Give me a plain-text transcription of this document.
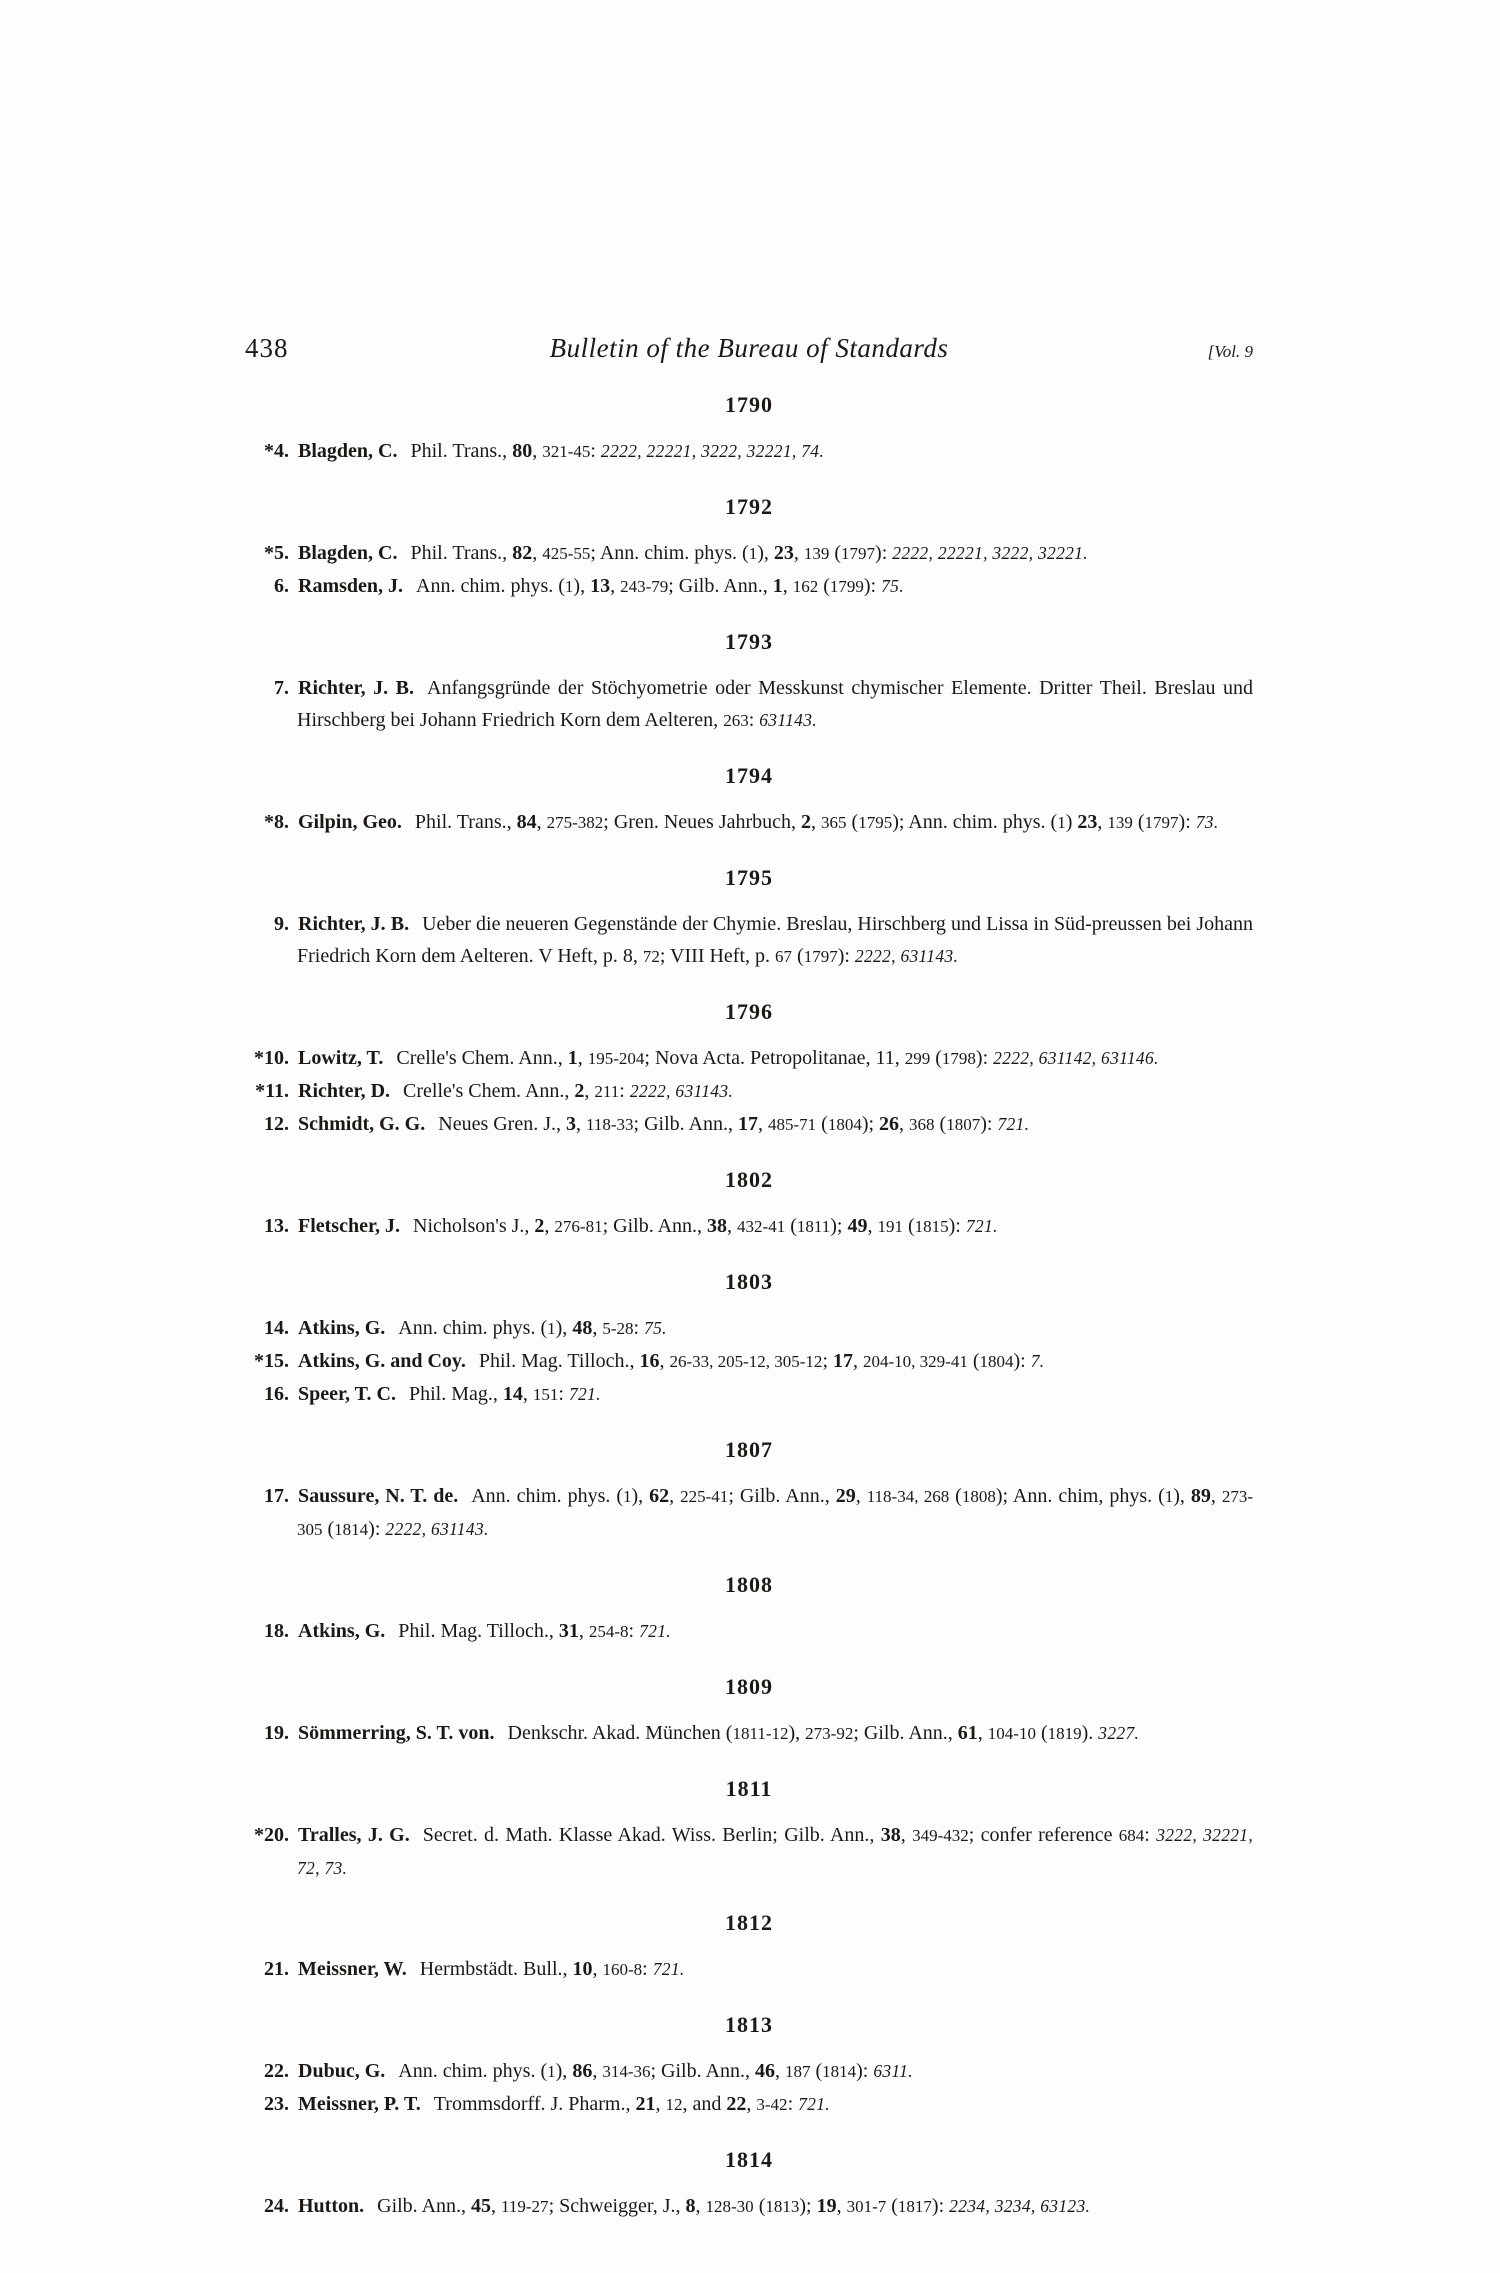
438	Bulletin of the Bureau of Standards	[Vol. 9
1790

*4. Blagden, C. Phil. Trans., 80, 321-45: 2222, 22221, 3222, 32221, 74.

1792

*5. Blagden, C. Phil. Trans., 82, 425-55; Ann. chim. phys. (1), 23, 139 (1797): 2222, 22221, 3222, 32221.

6. Ramsden, J. Ann. chim. phys. (1), 13, 243-79; Gilb. Ann., 1, 162 (1799): 75.

1793

7. Richter, J. B. Anfangsgründe der Stöchyometrie oder Messkunst chymischer Elemente. Dritter Theil. Breslau und Hirschberg bei Johann Friedrich Korn dem Aelteren, 263: 631143.

1794

*8. Gilpin, Geo. Phil. Trans., 84, 275-382; Gren. Neues Jahrbuch, 2, 365 (1795); Ann. chim. phys. (1) 23, 139 (1797): 73.

1795

9. Richter, J. B. Ueber die neueren Gegenstände der Chymie. Breslau, Hirschberg und Lissa in Süd-preussen bei Johann Friedrich Korn dem Aelteren. V Heft, p. 8, 72; VIII Heft, p. 67 (1797): 2222, 631143.

1796

*10. Lowitz, T. Crelle's Chem. Ann., 1, 195-204; Nova Acta. Petropolitanae, 11, 299 (1798): 2222, 631142, 631146.

*11. Richter, D. Crelle's Chem. Ann., 2, 211: 2222, 631143.

12. Schmidt, G. G. Neues Gren. J., 3, 118-33; Gilb. Ann., 17, 485-71 (1804); 26, 368 (1807): 721.

1802

13. Fletscher, J. Nicholson's J., 2, 276-81; Gilb. Ann., 38, 432-41 (1811); 49, 191 (1815): 721.

1803

14. Atkins, G. Ann. chim. phys. (1), 48, 5-28: 75.

*15. Atkins, G. and Coy. Phil. Mag. Tilloch., 16, 26-33, 205-12, 305-12; 17, 204-10, 329-41 (1804): 7.

16. Speer, T. C. Phil. Mag., 14, 151: 721.

1807

17. Saussure, N. T. de. Ann. chim. phys. (1), 62, 225-41; Gilb. Ann., 29, 118-34, 268 (1808); Ann. chim, phys. (1), 89, 273-305 (1814): 2222, 631143.

1808

18. Atkins, G. Phil. Mag. Tilloch., 31, 254-8: 721.

1809

19. Sömmerring, S. T. von. Denkschr. Akad. München (1811-12), 273-92; Gilb. Ann., 61, 104-10 (1819). 3227.

1811

*20. Tralles, J. G. Secret. d. Math. Klasse Akad. Wiss. Berlin; Gilb. Ann., 38, 349-432; confer reference 684: 3222, 32221, 72, 73.

1812

21. Meissner, W. Hermbstädt. Bull., 10, 160-8: 721.

1813

22. Dubuc, G. Ann. chim. phys. (1), 86, 314-36; Gilb. Ann., 46, 187 (1814): 6311.

23. Meissner, P. T. Trommsdorff. J. Pharm., 21, 12, and 22, 3-42: 721.

1814

24. Hutton. Gilb. Ann., 45, 119-27; Schweigger, J., 8, 128-30 (1813); 19, 301-7 (1817): 2234, 3234, 63123.
